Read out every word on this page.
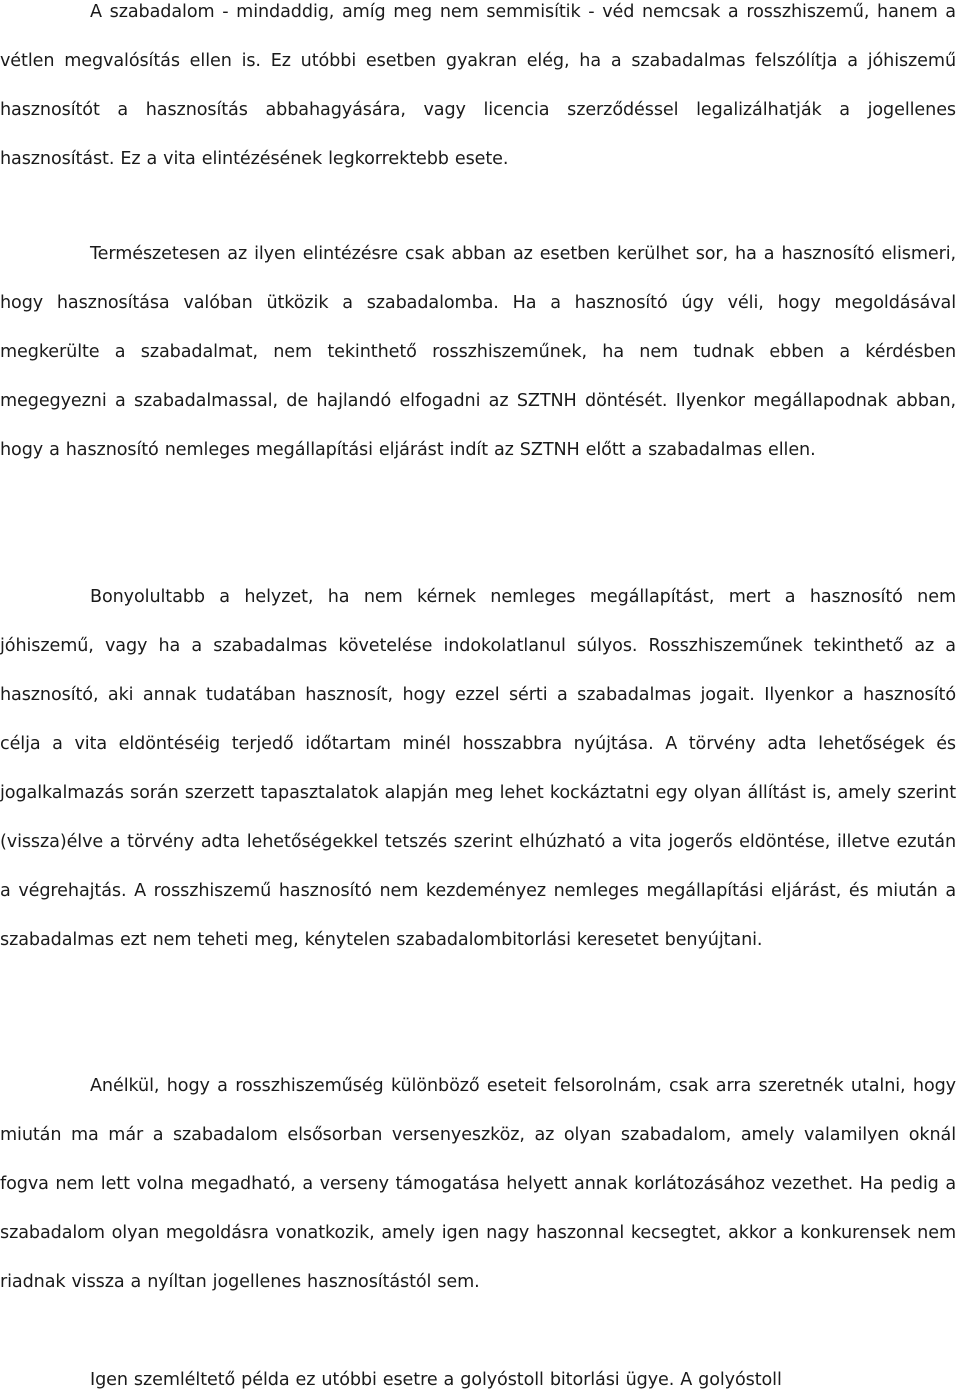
A szabadalom - mindaddig, amíg meg nem semmisítik - véd nemcsak a rosszhiszemű, hanem a vétlen megvalósítás ellen is. Ez utóbbi esetben gyakran elég, ha a szabadalmas felszólítja a jóhiszemű hasznosítót a hasznosítás abbahagyására, vagy licencia szerződéssel legalizálhatják a jogellenes hasznosítást. Ez a vita elintézésének legkorrektebb esete.

Természetesen az ilyen elintézésre csak abban az esetben kerülhet sor, ha a hasznosító elismeri, hogy hasznosítása valóban ütközik a szabadalomba. Ha a hasznosító úgy véli, hogy megoldásával megkerülte a szabadalmat, nem tekinthető rosszhiszeműnek, ha nem tudnak ebben a kérdésben megegyezni a szabadalmassal, de hajlandó elfogadni az SZTNH döntését. Ilyenkor megállapodnak abban, hogy a hasznosító nemleges megállapítási eljárást indít az SZTNH előtt a szabadalmas ellen.

Bonyolultabb a helyzet, ha nem kérnek nemleges megállapítást, mert a hasznosító nem jóhiszemű, vagy ha a szabadalmas követelése indokolatlanul súlyos. Rosszhiszeműnek tekinthető az a hasznosító, aki annak tudatában hasznosít, hogy ezzel sérti a szabadalmas jogait. Ilyenkor a hasznosító célja a vita eldöntéséig terjedő időtartam minél hosszabbra nyújtása. A törvény adta lehetőségek és jogalkalmazás során szerzett tapasztalatok alapján meg lehet kockáztatni egy olyan állítást is, amely szerint (vissza)élve a törvény adta lehetőségekkel tetszés szerint elhúzható a vita jogerős eldöntése, illetve ezután a végrehajtás. A rosszhiszemű hasznosító nem kezdeményez nemleges megállapítási eljárást, és miután a szabadalmas ezt nem teheti meg, kénytelen szabadalombitorlási keresetet benyújtani.

Anélkül, hogy a rosszhiszeműség különböző eseteit felsorolnám, csak arra szeretnék utalni, hogy miután ma már a szabadalom elsősorban versenyeszköz, az olyan szabadalom, amely valamilyen oknál fogva nem lett volna megadható, a verseny támogatása helyett annak korlátozásához vezethet. Ha pedig a szabadalom olyan megoldásra vonatkozik, amely igen nagy haszonnal kecsegtet, akkor a konkurensek nem riadnak vissza a nyíltan jogellenes hasznosítástól sem.

Igen szemléltető példa ez utóbbi esetre a golyóstoll bitorlási ügye. A golyóstoll
